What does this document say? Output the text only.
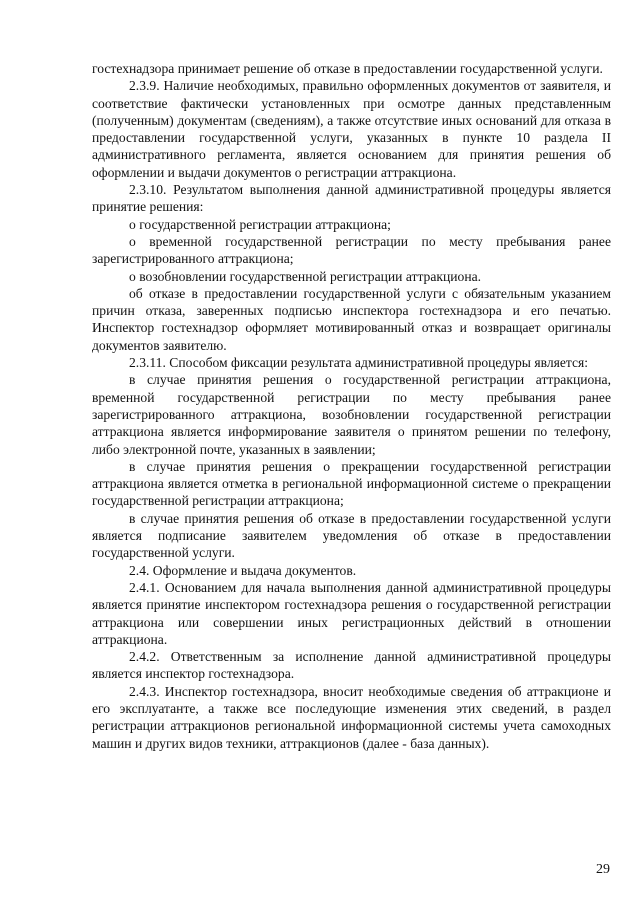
гостехнадзора принимает решение об отказе в предоставлении государственной услуги.

2.3.9. Наличие необходимых, правильно оформленных документов от заявителя, и соответствие фактически установленных при осмотре данных представленным (полученным) документам (сведениям), а также отсутствие иных оснований для отказа в предоставлении государственной услуги, указанных в пункте 10 раздела II административного регламента, является основанием для принятия решения об оформлении и выдачи документов о регистрации аттракциона.

2.3.10. Результатом выполнения данной административной процедуры является принятие решения:

о государственной регистрации аттракциона;

о временной государственной регистрации по месту пребывания ранее зарегистрированного аттракциона;

о возобновлении государственной регистрации аттракциона.

об отказе в предоставлении государственной услуги с обязательным указанием причин отказа, заверенных подписью инспектора гостехнадзора и его печатью. Инспектор гостехнадзор оформляет мотивированный отказ и возвращает оригиналы документов заявителю.

2.3.11. Способом фиксации результата административной процедуры является:

в случае принятия решения о государственной регистрации аттракциона, временной государственной регистрации по месту пребывания ранее зарегистрированного аттракциона, возобновлении государственной регистрации аттракциона является информирование заявителя о принятом решении по телефону, либо электронной почте, указанных в заявлении;

в случае принятия решения о прекращении государственной регистрации аттракциона является отметка в региональной информационной системе о прекращении государственной регистрации аттракциона;

в случае принятия решения об отказе в предоставлении государственной услуги является подписание заявителем уведомления об отказе в предоставлении государственной услуги.

2.4. Оформление и выдача документов.

2.4.1. Основанием для начала выполнения данной административной процедуры является принятие инспектором гостехнадзора решения о государственной регистрации аттракциона или совершении иных регистрационных действий в отношении аттракциона.

2.4.2. Ответственным за исполнение данной административной процедуры является инспектор гостехнадзора.

2.4.3. Инспектор гостехнадзора, вносит необходимые сведения об аттракционе и его эксплуатанте, а также все последующие изменения этих сведений, в раздел регистрации аттракционов региональной информационной системы учета самоходных машин и других видов техники, аттракционов (далее - база данных).

29
